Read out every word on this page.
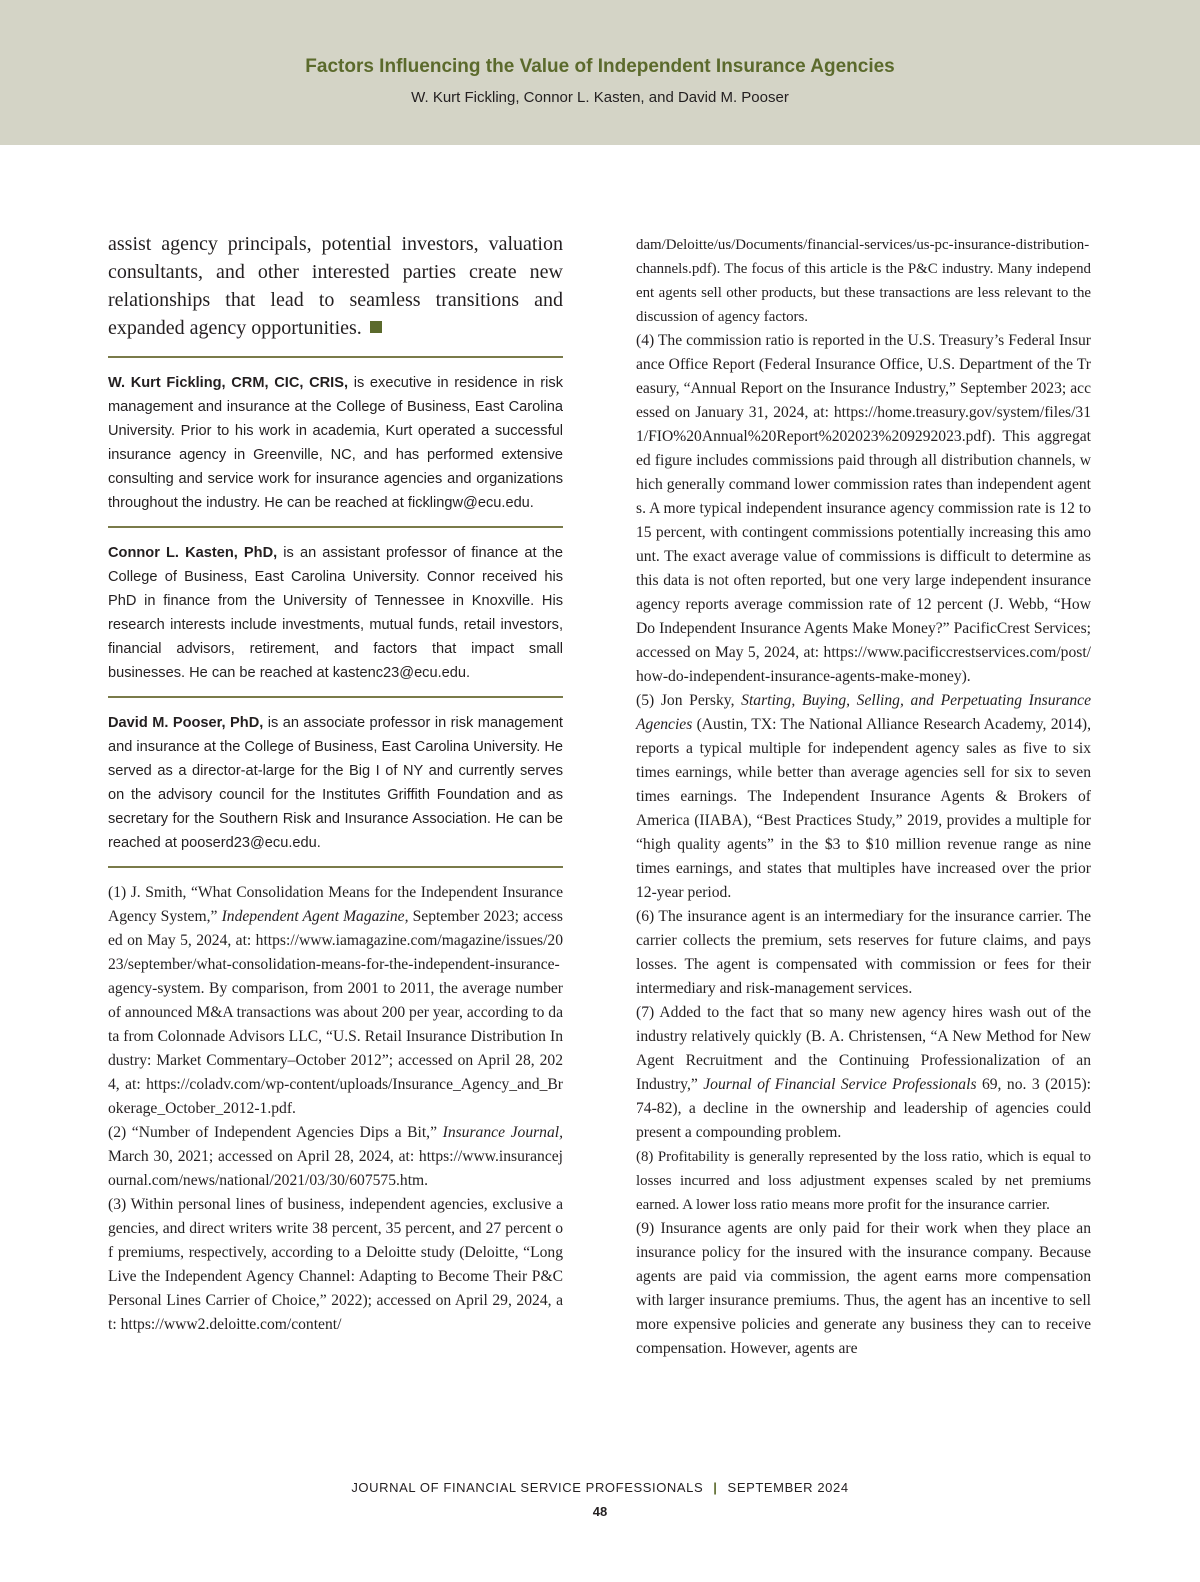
Factors Influencing the Value of Independent Insurance Agencies
W. Kurt Fickling, Connor L. Kasten, and David M. Pooser

assist agency principals, potential investors, valuation consultants, and other interested parties create new relationships that lead to seamless transitions and expanded agency opportunities.

W. Kurt Fickling, CRM, CIC, CRIS, is executive in residence in risk management and insurance at the College of Business, East Carolina University. Prior to his work in academia, Kurt operated a successful insurance agency in Greenville, NC, and has performed extensive consulting and service work for insurance agencies and organizations throughout the industry. He can be reached at ficklingw@ecu.edu.

Connor L. Kasten, PhD, is an assistant professor of finance at the College of Business, East Carolina University. Connor received his PhD in finance from the University of Tennessee in Knoxville. His research interests include investments, mutual funds, retail investors, financial advisors, retirement, and factors that impact small businesses. He can be reached at kastenc23@ecu.edu.

David M. Pooser, PhD, is an associate professor in risk management and insurance at the College of Business, East Carolina University. He served as a director-at-large for the Big I of NY and currently serves on the advisory council for the Institutes Griffith Foundation and as secretary for the Southern Risk and Insurance Association. He can be reached at pooserd23@ecu.edu.

(1) J. Smith, “What Consolidation Means for the Independent Insurance Agency System,” Independent Agent Magazine, September 2023; accessed on May 5, 2024, at: https://www.iamagazine.com/magazine/issues/2023/september/what-consolidation-means-for-the-independent-insurance-agency-system. By comparison, from 2001 to 2011, the average number of announced M&A transactions was about 200 per year, according to data from Colonnade Advisors LLC, “U.S. Retail Insurance Distribution Industry: Market Commentary–October 2012”; accessed on April 28, 2024, at: https://coladv.com/wp-content/uploads/Insurance_Agency_and_Brokerage_October_2012-1.pdf.

(2) “Number of Independent Agencies Dips a Bit,” Insurance Journal, March 30, 2021; accessed on April 28, 2024, at: https://www.insurancejournal.com/news/national/2021/03/30/607575.htm.

(3) Within personal lines of business, independent agencies, exclusive agencies, and direct writers write 38 percent, 35 percent, and 27 percent of premiums, respectively, according to a Deloitte study (Deloitte, “Long Live the Independent Agency Channel: Adapting to Become Their P&C Personal Lines Carrier of Choice,” 2022); accessed on April 29, 2024, at: https://www2.deloitte.com/content/

dam/Deloitte/us/Documents/financial-services/us-pc-insurance-distribution-channels.pdf). The focus of this article is the P&C industry. Many independent agents sell other products, but these transactions are less relevant to the discussion of agency factors.

(4) The commission ratio is reported in the U.S. Treasury’s Federal Insurance Office Report (Federal Insurance Office, U.S. Department of the Treasury, “Annual Report on the Insurance Industry,” September 2023; accessed on January 31, 2024, at: https://home.treasury.gov/system/files/311/FIO%20Annual%20Report%202023%209292023.pdf). This aggregated figure includes commissions paid through all distribution channels, which generally command lower commission rates than independent agents. A more typical independent insurance agency commission rate is 12 to 15 percent, with contingent commissions potentially increasing this amount. The exact average value of commissions is difficult to determine as this data is not often reported, but one very large independent insurance agency reports average commission rate of 12 percent (J. Webb, “How Do Independent Insurance Agents Make Money?” PacificCrest Services; accessed on May 5, 2024, at: https://www.pacificcrestservices.com/post/how-do-independent-insurance-agents-make-money).

(5) Jon Persky, Starting, Buying, Selling, and Perpetuating Insurance Agencies (Austin, TX: The National Alliance Research Academy, 2014), reports a typical multiple for independent agency sales as five to six times earnings, while better than average agencies sell for six to seven times earnings. The Independent Insurance Agents & Brokers of America (IIABA), “Best Practices Study,” 2019, provides a multiple for “high quality agents” in the $3 to $10 million revenue range as nine times earnings, and states that multiples have increased over the prior 12-year period.

(6) The insurance agent is an intermediary for the insurance carrier. The carrier collects the premium, sets reserves for future claims, and pays losses. The agent is compensated with commission or fees for their intermediary and risk-management services.

(7) Added to the fact that so many new agency hires wash out of the industry relatively quickly (B. A. Christensen, “A New Method for New Agent Recruitment and the Continuing Professionalization of an Industry,” Journal of Financial Service Professionals 69, no. 3 (2015): 74-82), a decline in the ownership and leadership of agencies could present a compounding problem.

(8) Profitability is generally represented by the loss ratio, which is equal to losses incurred and loss adjustment expenses scaled by net premiums earned. A lower loss ratio means more profit for the insurance carrier.

(9) Insurance agents are only paid for their work when they place an insurance policy for the insured with the insurance company. Because agents are paid via commission, the agent earns more compensation with larger insurance premiums. Thus, the agent has an incentive to sell more expensive policies and generate any business they can to receive compensation. However, agents are

JOURNAL OF FINANCIAL SERVICE PROFESSIONALS | SEPTEMBER 2024
48
